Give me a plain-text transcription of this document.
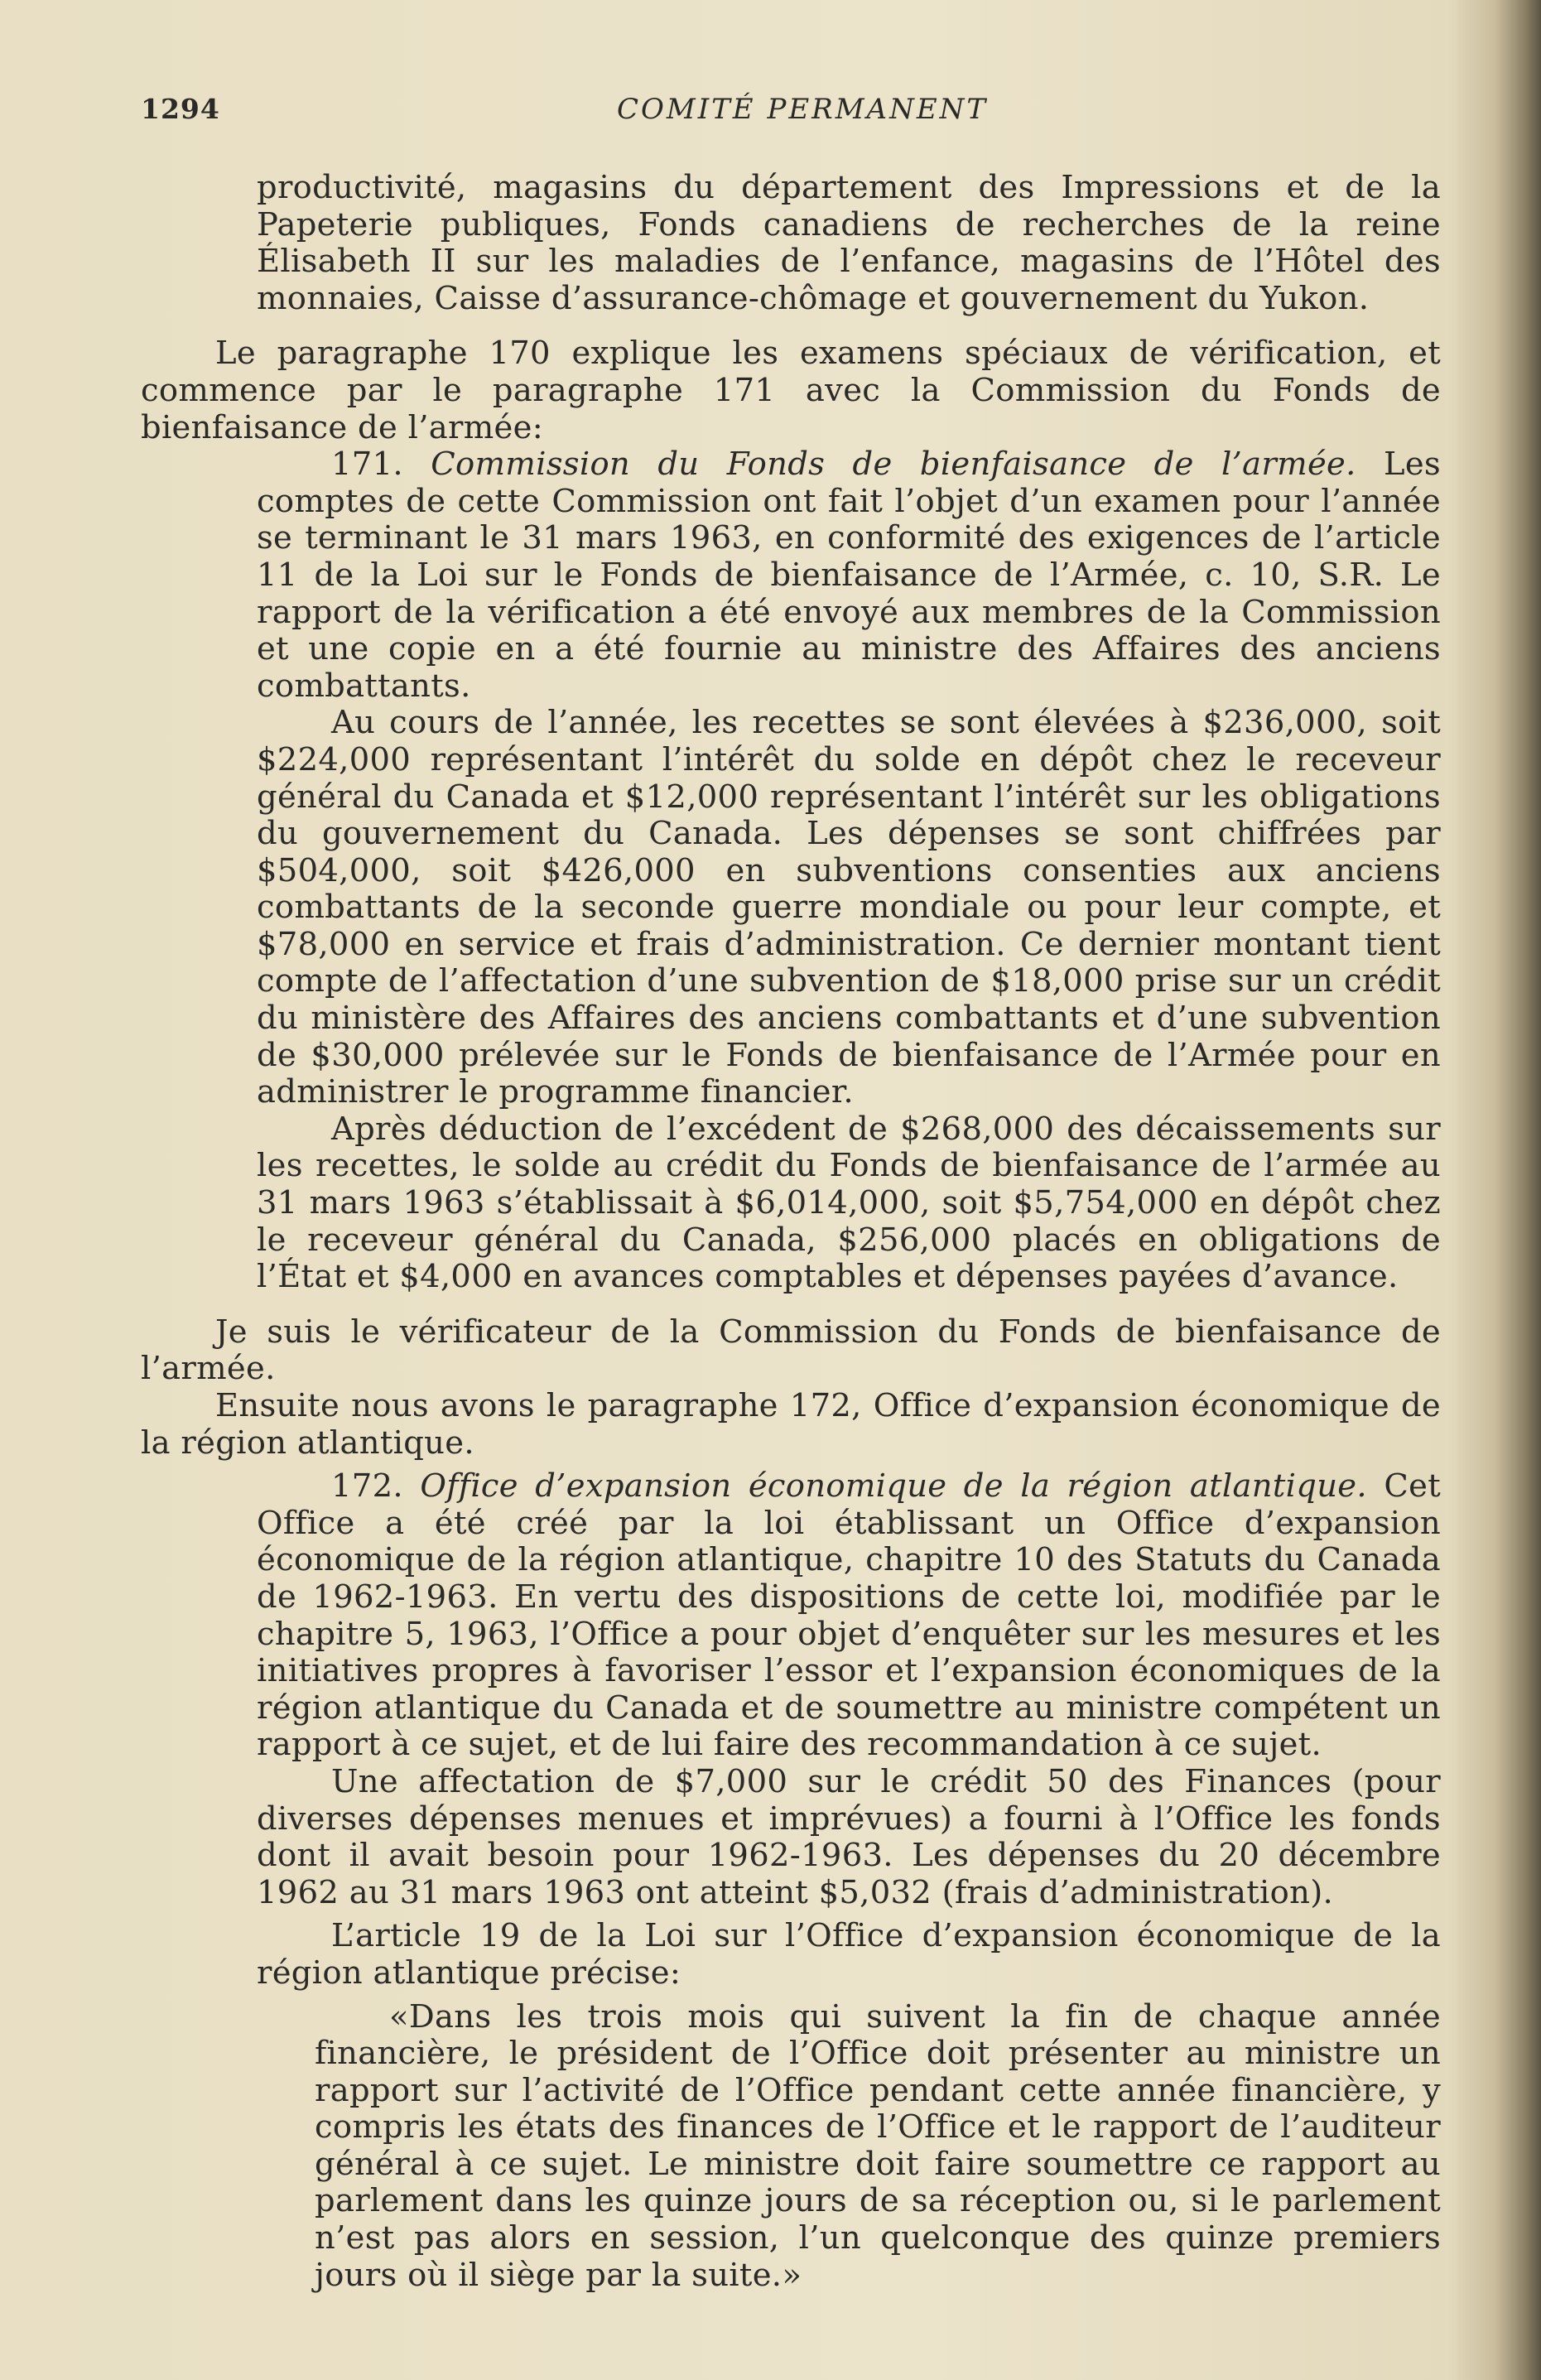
1294	COMITÉ PERMANENT

productivité, magasins du département des Impressions et de la Papeterie publiques, Fonds canadiens de recherches de la reine Élisabeth II sur les maladies de l’enfance, magasins de l’Hôtel des monnaies, Caisse d’assurance-chômage et gouvernement du Yukon.

Le paragraphe 170 explique les examens spéciaux de vérification, et commence par le paragraphe 171 avec la Commission du Fonds de bienfaisance de l’armée:

171. Commission du Fonds de bienfaisance de l’armée. Les comptes de cette Commission ont fait l’objet d’un examen pour l’année se terminant le 31 mars 1963, en conformité des exigences de l’article 11 de la Loi sur le Fonds de bienfaisance de l’Armée, c. 10, S.R. Le rapport de la vérification a été envoyé aux membres de la Commission et une copie en a été fournie au ministre des Affaires des anciens combattants.

Au cours de l’année, les recettes se sont élevées à $236,000, soit $224,000 représentant l’intérêt du solde en dépôt chez le receveur général du Canada et $12,000 représentant l’intérêt sur les obligations du gouvernement du Canada. Les dépenses se sont chiffrées par $504,000, soit $426,000 en subventions consenties aux anciens combattants de la seconde guerre mondiale ou pour leur compte, et $78,000 en service et frais d’administration. Ce dernier montant tient compte de l’affectation d’une subvention de $18,000 prise sur un crédit du ministère des Affaires des anciens combattants et d’une subvention de $30,000 prélevée sur le Fonds de bienfaisance de l’Armée pour en administrer le programme financier.

Après déduction de l’excédent de $268,000 des décaissements sur les recettes, le solde au crédit du Fonds de bienfaisance de l’armée au 31 mars 1963 s’établissait à $6,014,000, soit $5,754,000 en dépôt chez le receveur général du Canada, $256,000 placés en obligations de l’État et $4,000 en avances comptables et dépenses payées d’avance.

Je suis le vérificateur de la Commission du Fonds de bienfaisance de l’armée.

Ensuite nous avons le paragraphe 172, Office d’expansion économique de la région atlantique.

172. Office d’expansion économique de la région atlantique. Cet Office a été créé par la loi établissant un Office d’expansion économique de la région atlantique, chapitre 10 des Statuts du Canada de 1962-1963. En vertu des dispositions de cette loi, modifiée par le chapitre 5, 1963, l’Office a pour objet d’enquêter sur les mesures et les initiatives propres à favoriser l’essor et l’expansion économiques de la région atlantique du Canada et de soumettre au ministre compétent un rapport à ce sujet, et de lui faire des recommandation à ce sujet.

Une affectation de $7,000 sur le crédit 50 des Finances (pour diverses dépenses menues et imprévues) a fourni à l’Office les fonds dont il avait besoin pour 1962-1963. Les dépenses du 20 décembre 1962 au 31 mars 1963 ont atteint $5,032 (frais d’administration).

L’article 19 de la Loi sur l’Office d’expansion économique de la région atlantique précise:

«Dans les trois mois qui suivent la fin de chaque année financière, le président de l’Office doit présenter au ministre un rapport sur l’activité de l’Office pendant cette année financière, y compris les états des finances de l’Office et le rapport de l’auditeur général à ce sujet. Le ministre doit faire soumettre ce rapport au parlement dans les quinze jours de sa réception ou, si le parlement n’est pas alors en session, l’un quelconque des quinze premiers jours où il siège par la suite.»
